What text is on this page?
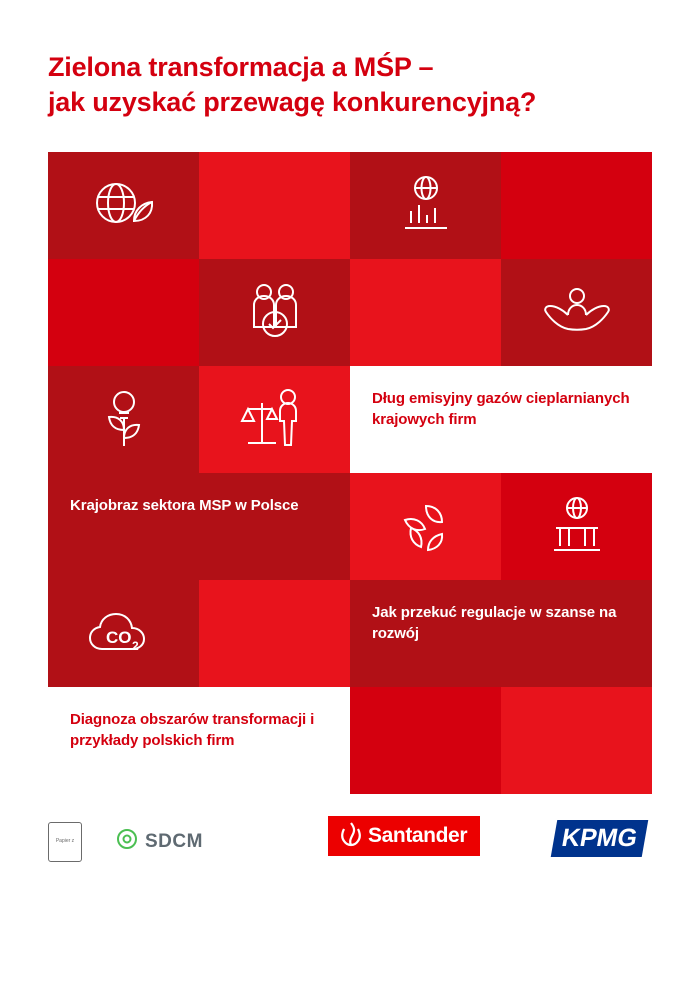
Zielona transformacja a MŚP –
jak uzyskać przewagę konkurencyjną?
Dług emisyjny gazów cieplarnianych krajowych firm
Krajobraz sektora MSP w Polsce
CO 2
Jak przekuć regulacje w szanse na rozwój
Diagnoza obszarów transformacji i przykłady polskich firm
Papier z	SDCM	Santander	KPMG
